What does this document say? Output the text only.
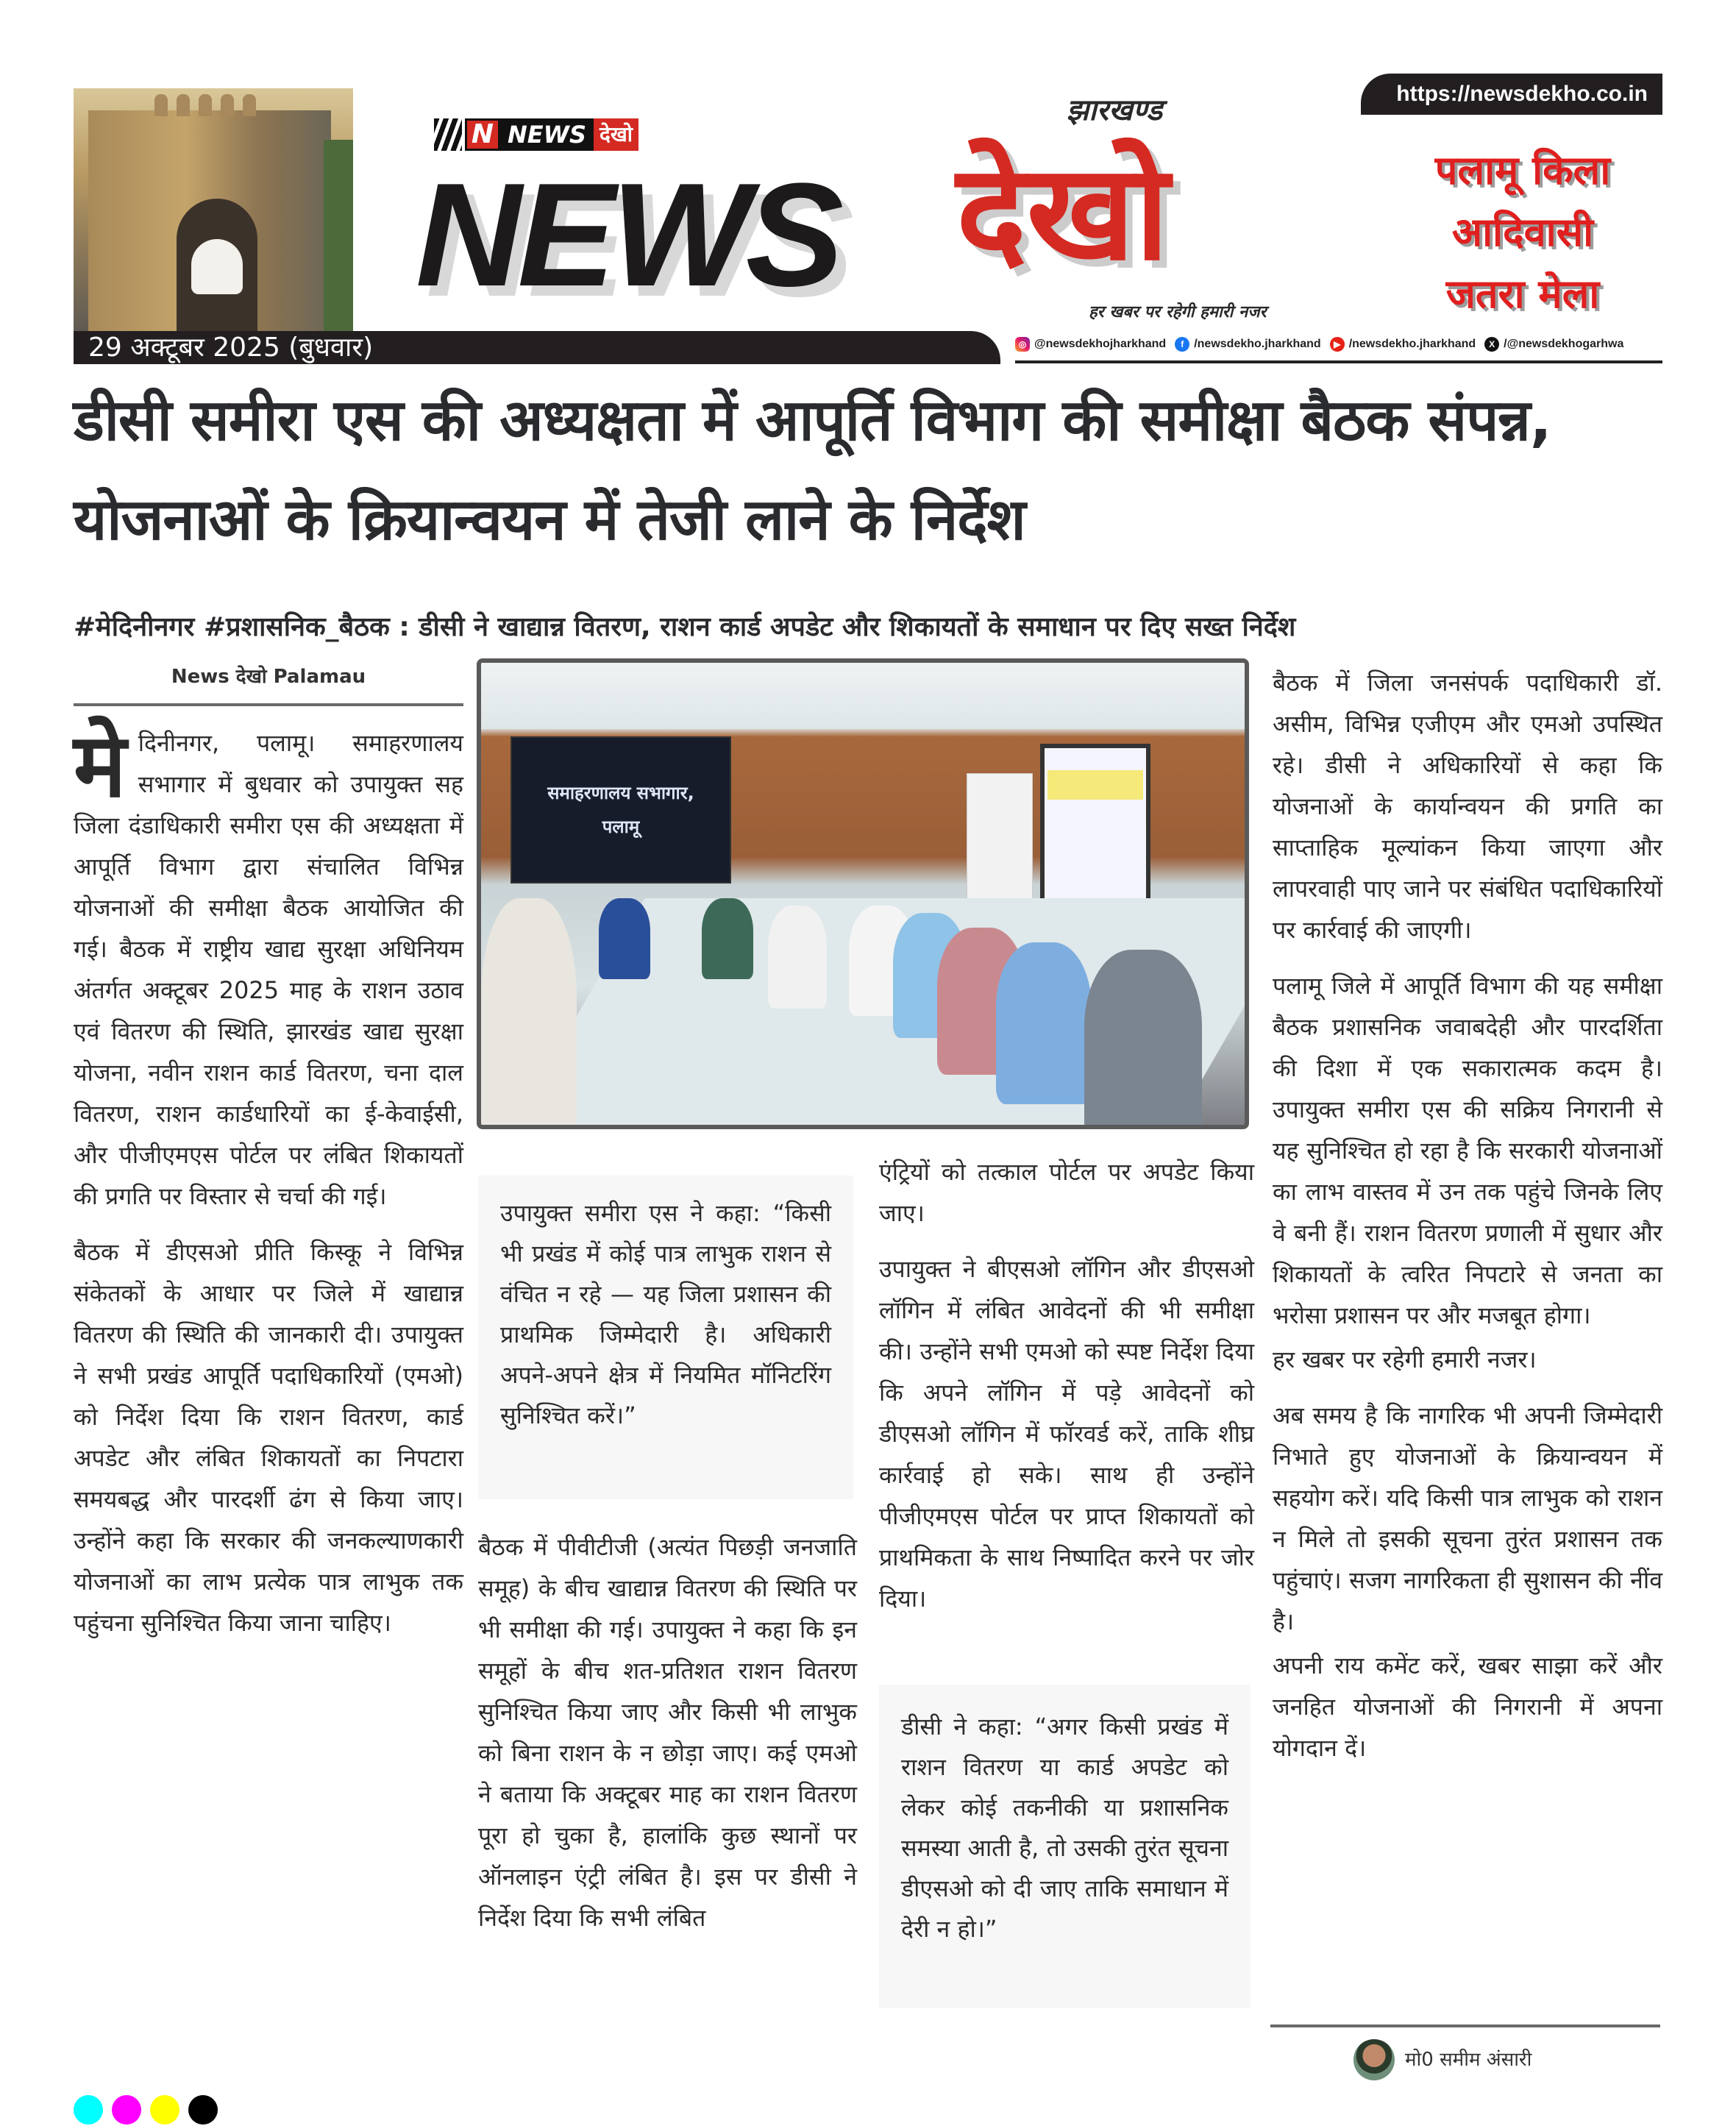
29 अक्टूबर 2025 (बुधवार)
N NEWS देखो
NEWS
झारखण्ड
देखो
हर खबर पर रहेगी हमारी नजर
https://newsdekho.co.in
पलामू किला
आदिवासी
जतरा मेला
◎ @newsdekhojharkhand	f /newsdekho.jharkhand	▶ /newsdekho.jharkhand	X /@newsdekhogarhwa
डीसी समीरा एस की अध्यक्षता में आपूर्ति विभाग की समीक्षा बैठक संपन्न, योजनाओं के क्रियान्वयन में तेजी लाने के निर्देश
#मेदिनीनगर #प्रशासनिक_बैठक : डीसी ने खाद्यान्न वितरण, राशन कार्ड अपडेट और शिकायतों के समाधान पर दिए सख्त निर्देश
News देखो Palamau
मे दिनीनगर, पलामू। समाहरणालय सभागार में बुधवार को उपायुक्त सह जिला दंडाधिकारी समीरा एस की अध्यक्षता में आपूर्ति विभाग द्वारा संचालित विभिन्न योजनाओं की समीक्षा बैठक आयोजित की गई। बैठक में राष्ट्रीय खाद्य सुरक्षा अधिनियम अंतर्गत अक्टूबर 2025 माह के राशन उठाव एवं वितरण की स्थिति, झारखंड खाद्य सुरक्षा योजना, नवीन राशन कार्ड वितरण, चना दाल वितरण, राशन कार्डधारियों का ई-केवाईसी, और पीजीएमएस पोर्टल पर लंबित शिकायतों की प्रगति पर विस्तार से चर्चा की गई।

बैठक में डीएसओ प्रीति किस्कू ने विभिन्न संकेतकों के आधार पर जिले में खाद्यान्न वितरण की स्थिति की जानकारी दी। उपायुक्त ने सभी प्रखंड आपूर्ति पदाधिकारियों (एमओ) को निर्देश दिया कि राशन वितरण, कार्ड अपडेट और लंबित शिकायतों का निपटारा समयबद्ध और पारदर्शी ढंग से किया जाए। उन्होंने कहा कि सरकार की जनकल्याणकारी योजनाओं का लाभ प्रत्येक पात्र लाभुक तक पहुंचना सुनिश्चित किया जाना चाहिए।

समाहरणालय सभागार,
पलामू
उपायुक्त समीरा एस ने कहा: “किसी भी प्रखंड में कोई पात्र लाभुक राशन से वंचित न रहे — यह जिला प्रशासन की प्राथमिक जिम्मेदारी है। अधिकारी अपने-अपने क्षेत्र में नियमित मॉनिटरिंग सुनिश्चित करें।”

बैठक में पीवीटीजी (अत्यंत पिछड़ी जनजाति समूह) के बीच खाद्यान्न वितरण की स्थिति पर भी समीक्षा की गई। उपायुक्त ने कहा कि इन समूहों के बीच शत-प्रतिशत राशन वितरण सुनिश्चित किया जाए और किसी भी लाभुक को बिना राशन के न छोड़ा जाए। कई एमओ ने बताया कि अक्टूबर माह का राशन वितरण पूरा हो चुका है, हालांकि कुछ स्थानों पर ऑनलाइन एंट्री लंबित है। इस पर डीसी ने निर्देश दिया कि सभी लंबित

एंट्रियों को तत्काल पोर्टल पर अपडेट किया जाए।

उपायुक्त ने बीएसओ लॉगिन और डीएसओ लॉगिन में लंबित आवेदनों की भी समीक्षा की। उन्होंने सभी एमओ को स्पष्ट निर्देश दिया कि अपने लॉगिन में पड़े आवेदनों को डीएसओ लॉगिन में फॉरवर्ड करें, ताकि शीघ्र कार्रवाई हो सके। साथ ही उन्होंने पीजीएमएस पोर्टल पर प्राप्त शिकायतों को प्राथमिकता के साथ निष्पादित करने पर जोर दिया।

डीसी ने कहा: “अगर किसी प्रखंड में राशन वितरण या कार्ड अपडेट को लेकर कोई तकनीकी या प्रशासनिक समस्या आती है, तो उसकी तुरंत सूचना डीएसओ को दी जाए ताकि समाधान में देरी न हो।”

बैठक में जिला जनसंपर्क पदाधिकारी डॉ. असीम, विभिन्न एजीएम और एमओ उपस्थित रहे। डीसी ने अधिकारियों से कहा कि योजनाओं के कार्यान्वयन की प्रगति का साप्ताहिक मूल्यांकन किया जाएगा और लापरवाही पाए जाने पर संबंधित पदाधिकारियों पर कार्रवाई की जाएगी।

पलामू जिले में आपूर्ति विभाग की यह समीक्षा बैठक प्रशासनिक जवाबदेही और पारदर्शिता की दिशा में एक सकारात्मक कदम है। उपायुक्त समीरा एस की सक्रिय निगरानी से यह सुनिश्चित हो रहा है कि सरकारी योजनाओं का लाभ वास्तव में उन तक पहुंचे जिनके लिए वे बनी हैं। राशन वितरण प्रणाली में सुधार और शिकायतों के त्वरित निपटारे से जनता का भरोसा प्रशासन पर और मजबूत होगा।

हर खबर पर रहेगी हमारी नजर।

अब समय है कि नागरिक भी अपनी जिम्मेदारी निभाते हुए योजनाओं के क्रियान्वयन में सहयोग करें। यदि किसी पात्र लाभुक को राशन न मिले तो इसकी सूचना तुरंत प्रशासन तक पहुंचाएं। सजग नागरिकता ही सुशासन की नींव है।

अपनी राय कमेंट करें, खबर साझा करें और जनहित योजनाओं की निगरानी में अपना योगदान दें।

मो0 समीम अंसारी
